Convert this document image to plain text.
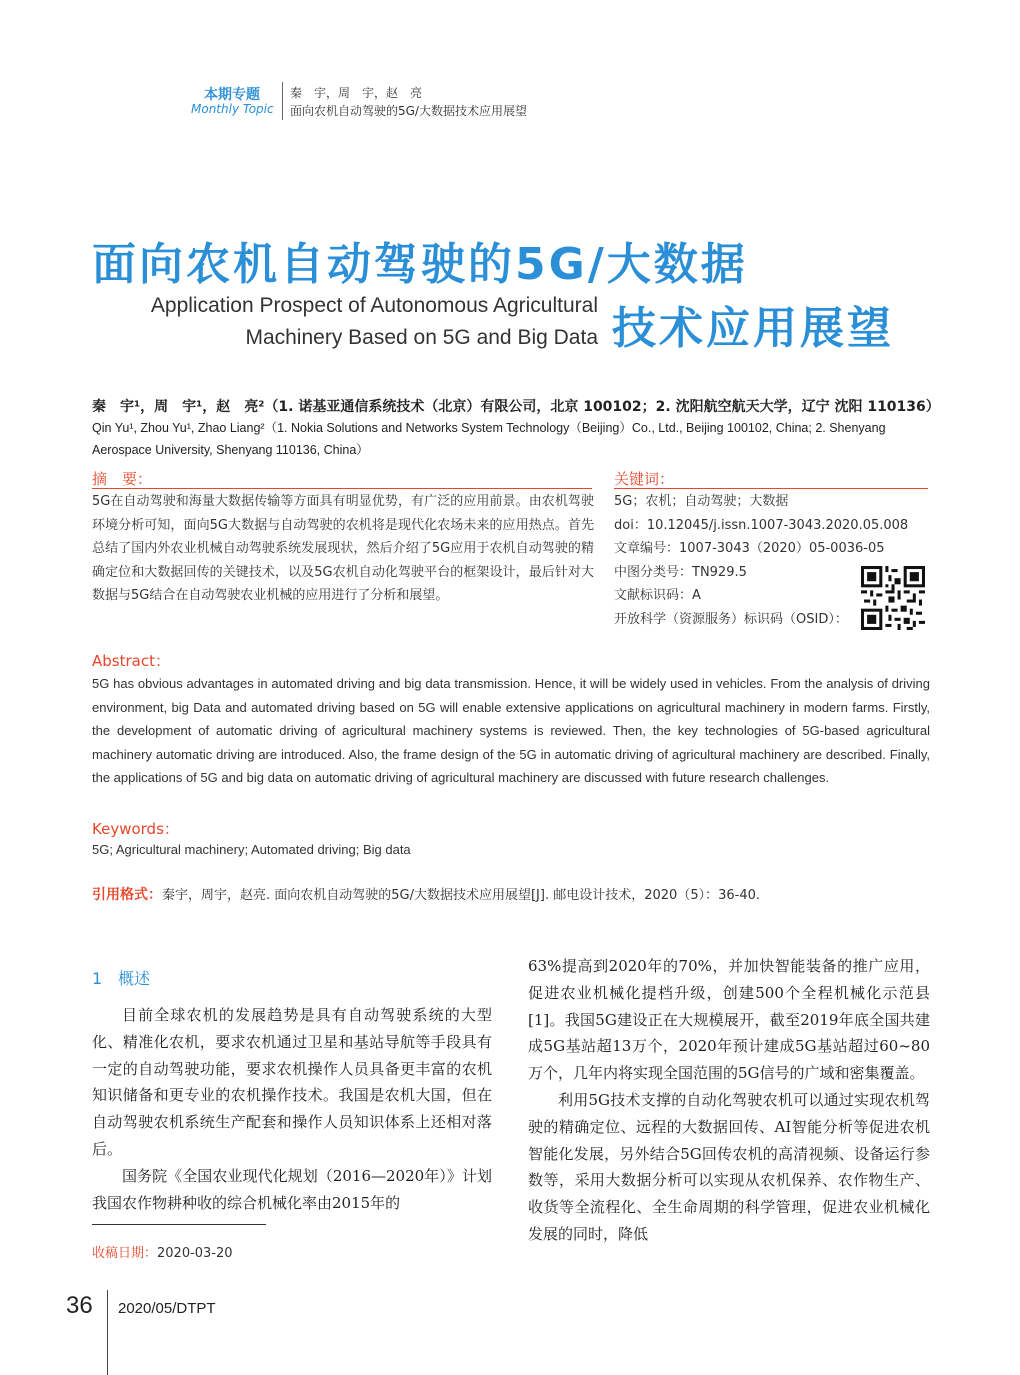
本期专题
Monthly Topic
秦　宇，周　宇，赵　亮
面向农机自动驾驶的5G/大数据技术应用展望
面向农机自动驾驶的5G/大数据
Application Prospect of Autonomous Agricultural
Machinery Based on 5G and Big Data 技术应用展望
秦　宇¹，周　宇¹，赵　亮²（1. 诺基亚通信系统技术（北京）有限公司，北京 100102；2. 沈阳航空航天大学，辽宁 沈阳 110136）
Qin Yu¹, Zhou Yu¹, Zhao Liang²（1. Nokia Solutions and Networks System Technology（Beijing）Co., Ltd., Beijing 100102, China; 2. Shenyang Aerospace University, Shenyang 110136, China）
摘　要：
5G在自动驾驶和海量大数据传输等方面具有明显优势，有广泛的应用前景。由农机驾驶环境分析可知，面向5G大数据与自动驾驶的农机将是现代化农场未来的应用热点。首先总结了国内外农业机械自动驾驶系统发展现状，然后介绍了5G应用于农机自动驾驶的精确定位和大数据回传的关键技术，以及5G农机自动化驾驶平台的框架设计，最后针对大数据与5G结合在自动驾驶农业机械的应用进行了分析和展望。
关键词：
5G；农机；自动驾驶；大数据
doi：10.12045/j.issn.1007-3043.2020.05.008
文章编号：1007-3043（2020）05-0036-05
中图分类号：TN929.5
文献标识码：A
开放科学（资源服务）标识码（OSID）：
Abstract：
5G has obvious advantages in automated driving and big data transmission. Hence, it will be widely used in vehicles. From the analysis of driving environment, big Data and automated driving based on 5G will enable extensive applications on agricultural machinery in modern farms. Firstly, the development of automatic driving of agricultural machinery systems is reviewed. Then, the key technologies of 5G-based agricultural machinery automatic driving are introduced. Also, the frame design of the 5G in automatic driving of agricultural machinery are described. Finally, the applications of 5G and big data on automatic driving of agricultural machinery are discussed with future research challenges.
Keywords：
5G; Agricultural machinery; Automated driving; Big data
引用格式：秦宇，周宇，赵亮. 面向农机自动驾驶的5G/大数据技术应用展望[J]. 邮电设计技术，2020（5）：36-40.
1　概述

目前全球农机的发展趋势是具有自动驾驶系统的大型化、精准化农机，要求农机通过卫星和基站导航等手段具有一定的自动驾驶功能，要求农机操作人员具备更丰富的农机知识储备和更专业的农机操作技术。我国是农机大国，但在自动驾驶农机系统生产配套和操作人员知识体系上还相对落后。

国务院《全国农业现代化规划（2016—2020年）》计划我国农作物耕种收的综合机械化率由2015年的

63%提高到2020年的70%，并加快智能装备的推广应用，促进农业机械化提档升级，创建500个全程机械化示范县[1]。我国5G建设正在大规模展开，截至2019年底全国共建成5G基站超13万个，2020年预计建成5G基站超过60~80万个，几年内将实现全国范围的5G信号的广域和密集覆盖。

利用5G技术支撑的自动化驾驶农机可以通过实现农机驾驶的精确定位、远程的大数据回传、AI智能分析等促进农机智能化发展，另外结合5G回传农机的高清视频、设备运行参数等，采用大数据分析可以实现从农机保养、农作物生产、收货等全流程化、全生命周期的科学管理，促进农业机械化发展的同时，降低

收稿日期：2020-03-20
36 2020/05/DTPT
